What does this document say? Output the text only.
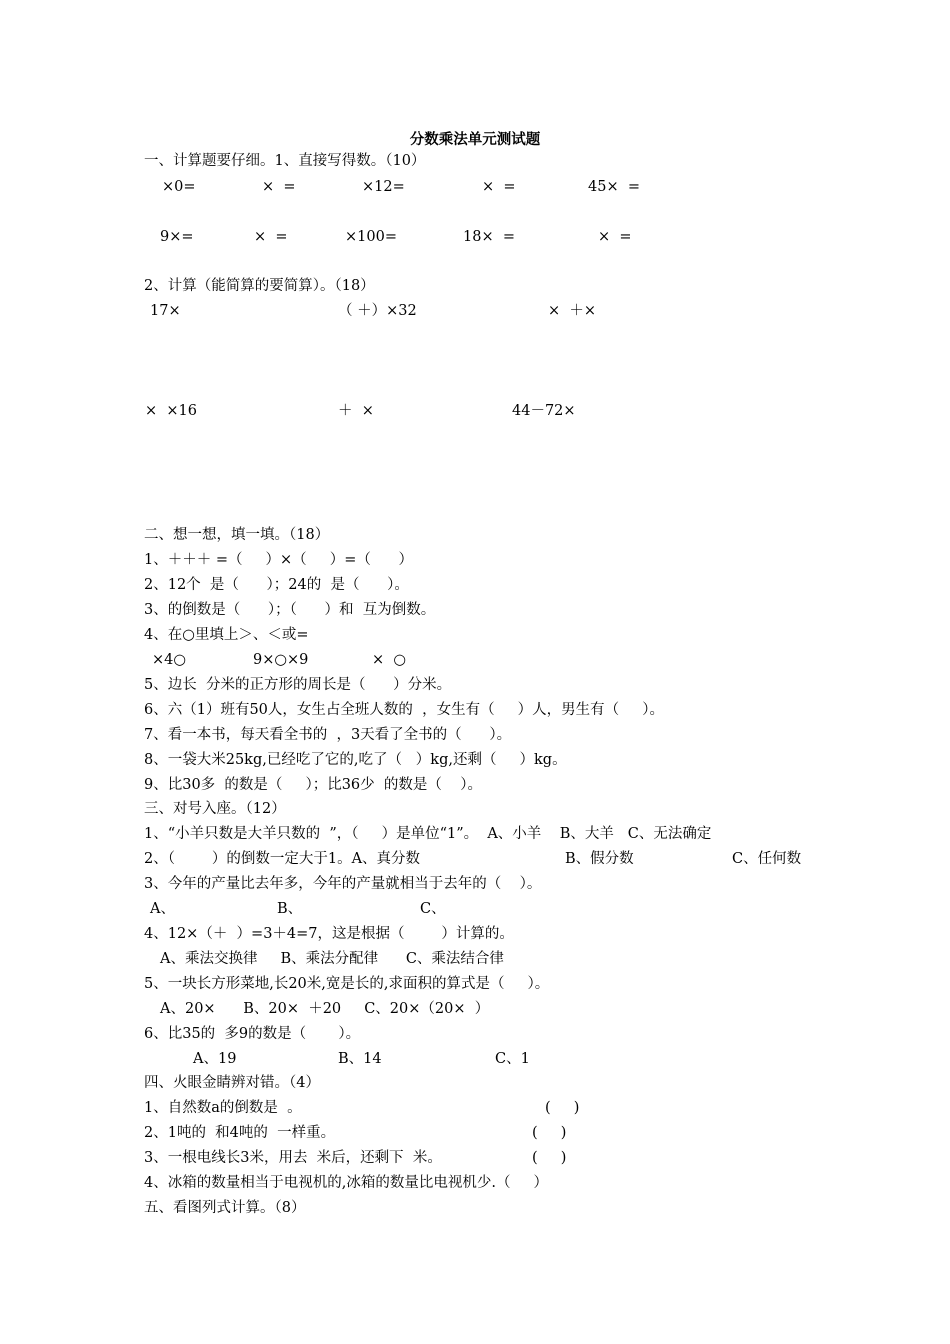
分数乘法单元测试题
一、计算题要仔细。1、直接写得数。（10）
×0=	×  =	×12=	×  =	45×  =
9×=	×  =	×100=	18×  =	×  =
2、计算（能简算的要简算）。（18）
17×	（ ＋）×32	×  ＋×
×  ×16	＋  ×	44－72×
二、想一想，填一填。（18）
1、＋＋＋ =（     ）×（     ）=（      ）
2、12个  是（      ）；24的  是（      ）。
3、的倒数是（      ）；（      ）和  互为倒数。
4、在○里填上＞、＜或=
×4○	9×○×9	×  ○
5、边长  分米的正方形的周长是（      ）分米。
6、六（1）班有50人，女生占全班人数的  ，女生有（     ）人，男生有（     ）。
7、看一本书，每天看全书的  ，3天看了全书的（      ）。
8、一袋大米25kg,已经吃了它的,吃了（   ）kg,还剩（     ）kg。
9、比30多  的数是（     ）；比36少  的数是（    ）。
三、对号入座。（12）
1、“小羊只数是大羊只数的  ”，（     ）是单位“1”。  A、小羊    B、大羊   C、无法确定
2、（        ）的倒数一定大于1。A、真分数	B、假分数	C、任何数
3、今年的产量比去年多，今年的产量就相当于去年的（    ）。
A、	B、	C、
4、12×（＋  ）=3＋4=7，这是根据（        ）计算的。
A、乘法交换律     B、乘法分配律      C、乘法结合律
5、一块长方形菜地,长20米,宽是长的,求面积的算式是（     ）。
A、20×      B、20×  ＋20     C、20×（20×  ）
6、比35的  多9的数是（       ）。
A、19	B、14	C、1
四、火眼金睛辨对错。（4）
1、自然数a的倒数是  。	(     )
2、1吨的  和4吨的  一样重。	(     )
3、一根电线长3米，用去  米后，还剩下  米。	(     )
4、冰箱的数量相当于电视机的,冰箱的数量比电视机少.（     ）
五、看图列式计算。（8）
